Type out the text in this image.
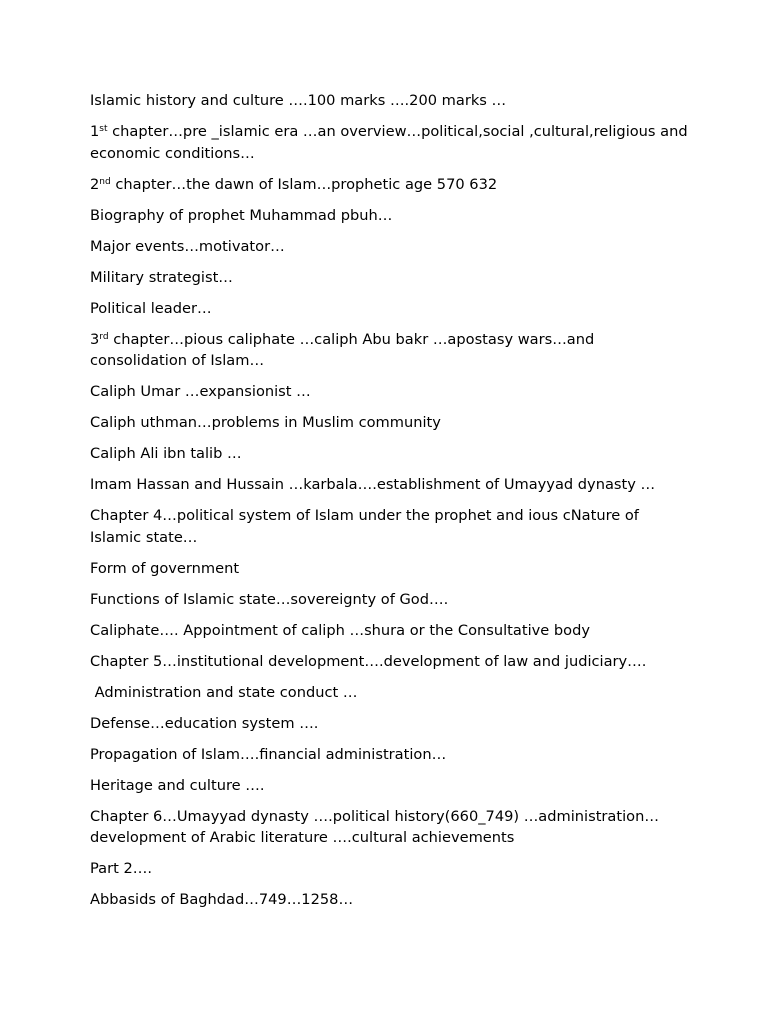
Islamic history and culture ….100 marks ….200 marks …

1st chapter…pre _islamic era …an overview…political,social ,cultural,religious and economic conditions…

2nd chapter…the dawn of Islam…prophetic age 570 632

Biography of prophet Muhammad pbuh…

Major events…motivator…

Military strategist…

Political leader…

3rd chapter…pious caliphate …caliph Abu bakr …apostasy wars…and consolidation of Islam…

Caliph Umar …expansionist …

Caliph uthman…problems in Muslim community

Caliph Ali ibn talib …

Imam Hassan and Hussain …karbala….establishment of Umayyad dynasty …

Chapter 4…political system of Islam under the prophet and ious cNature of Islamic state…

Form of government

Functions of Islamic state…sovereignty of God….

Caliphate…. Appointment of caliph …shura or the Consultative body

Chapter 5…institutional development….development of law and judiciary….

Administration and state conduct …

Defense…education system ….

Propagation of Islam….financial administration…

Heritage and culture ….

Chapter 6…Umayyad dynasty ….political history(660_749) …administration…development of Arabic literature ….cultural achievements

Part 2….

Abbasids of Baghdad…749…1258…
